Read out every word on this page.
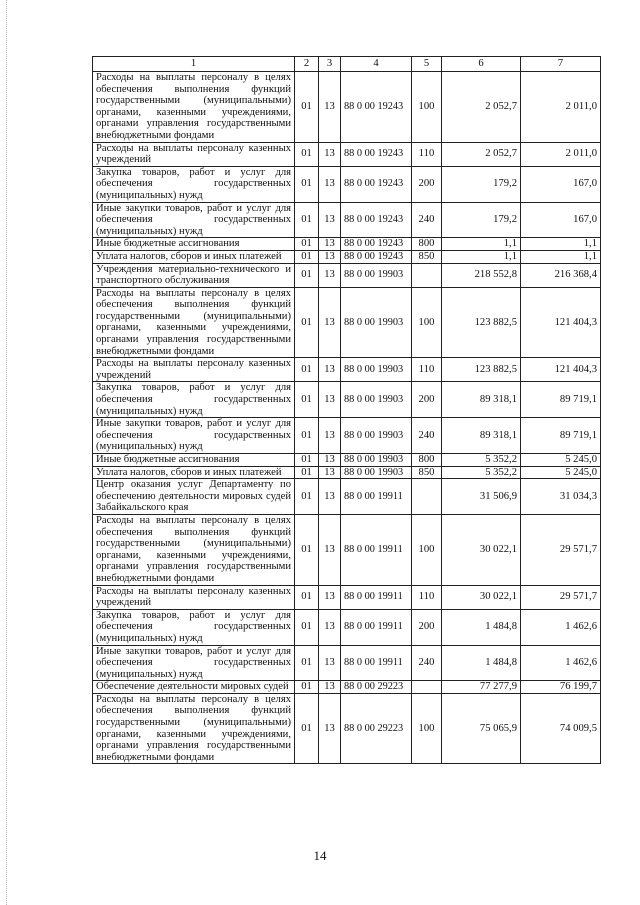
1	2	3	4	5	6	7
Расходы на выплаты персоналу в целях обеспечения выполнения функций государственными (муниципальными) органами, казенными учреждениями, органами управления государственными внебюджетными фондами	01	13	88 0 00 19243	100	2 052,7	2 011,0
Расходы на выплаты персоналу казенных учреждений	01	13	88 0 00 19243	110	2 052,7	2 011,0
Закупка товаров, работ и услуг для обеспечения государственных (муниципальных) нужд	01	13	88 0 00 19243	200	179,2	167,0
Иные закупки товаров, работ и услуг для обеспечения государственных (муниципальных) нужд	01	13	88 0 00 19243	240	179,2	167,0
Иные бюджетные ассигнования	01	13	88 0 00 19243	800	1,1	1,1
Уплата налогов, сборов и иных платежей	01	13	88 0 00 19243	850	1,1	1,1
Учреждения материально-технического и транспортного обслуживания	01	13	88 0 00 19903		218 552,8	216 368,4
Расходы на выплаты персоналу в целях обеспечения выполнения функций государственными (муниципальными) органами, казенными учреждениями, органами управления государственными внебюджетными фондами	01	13	88 0 00 19903	100	123 882,5	121 404,3
Расходы на выплаты персоналу казенных учреждений	01	13	88 0 00 19903	110	123 882,5	121 404,3
Закупка товаров, работ и услуг для обеспечения государственных (муниципальных) нужд	01	13	88 0 00 19903	200	89 318,1	89 719,1
Иные закупки товаров, работ и услуг для обеспечения государственных (муниципальных) нужд	01	13	88 0 00 19903	240	89 318,1	89 719,1
Иные бюджетные ассигнования	01	13	88 0 00 19903	800	5 352,2	5 245,0
Уплата налогов, сборов и иных платежей	01	13	88 0 00 19903	850	5 352,2	5 245,0
Центр оказания услуг Департаменту по обеспечению деятельности мировых судей Забайкальского края	01	13	88 0 00 19911		31 506,9	31 034,3
Расходы на выплаты персоналу в целях обеспечения выполнения функций государственными (муниципальными) органами, казенными учреждениями, органами управления государственными внебюджетными фондами	01	13	88 0 00 19911	100	30 022,1	29 571,7
Расходы на выплаты персоналу казенных учреждений	01	13	88 0 00 19911	110	30 022,1	29 571,7
Закупка товаров, работ и услуг для обеспечения государственных (муниципальных) нужд	01	13	88 0 00 19911	200	1 484,8	1 462,6
Иные закупки товаров, работ и услуг для обеспечения государственных (муниципальных) нужд	01	13	88 0 00 19911	240	1 484,8	1 462,6
Обеспечение деятельности мировых судей	01	13	88 0 00 29223		77 277,9	76 199,7
Расходы на выплаты персоналу в целях обеспечения выполнения функций государственными (муниципальными) органами, казенными учреждениями, органами управления государственными внебюджетными фондами	01	13	88 0 00 29223	100	75 065,9	74 009,5
14
